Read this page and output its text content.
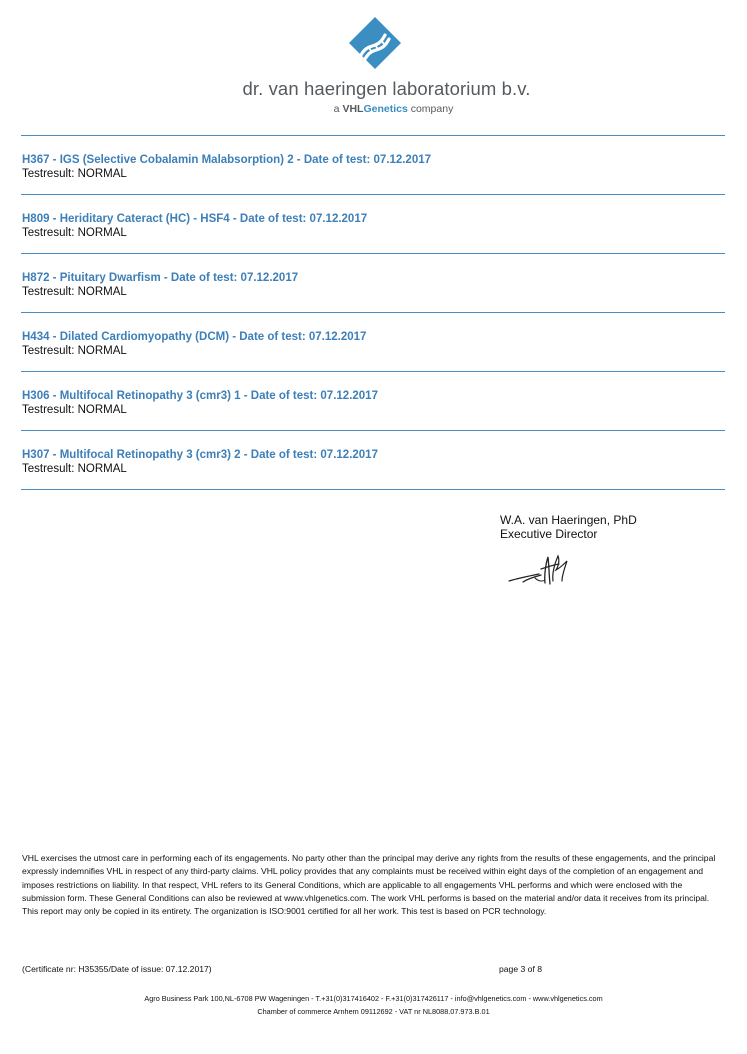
dr. van haeringen laboratorium b.v.
a VHLGenetics company
H367 - IGS (Selective Cobalamin Malabsorption) 2 - Date of test: 07.12.2017
Testresult: NORMAL
H809 - Heriditary Cateract (HC) - HSF4 - Date of test: 07.12.2017
Testresult: NORMAL
H872 - Pituitary Dwarfism - Date of test: 07.12.2017
Testresult: NORMAL
H434 - Dilated Cardiomyopathy (DCM) - Date of test: 07.12.2017
Testresult: NORMAL
H306 - Multifocal Retinopathy 3 (cmr3) 1 - Date of test: 07.12.2017
Testresult: NORMAL
H307 - Multifocal Retinopathy 3 (cmr3) 2 - Date of test: 07.12.2017
Testresult: NORMAL
W.A. van Haeringen, PhD
Executive Director

VHL exercises the utmost care in performing each of its engagements. No party other than the principal may derive any rights from the results of these engagements, and the principal expressly indemnifies VHL in respect of any third-party claims. VHL policy provides that any complaints must be received within eight days of the completion of an engagement and imposes restrictions on liability. In that respect, VHL refers to its General Conditions, which are applicable to all engagements VHL performs and which were enclosed with the submission form. These General Conditions can also be reviewed at www.vhlgenetics.com. The work VHL performs is based on the material and/or data it receives from its principal. This report may only be copied in its entirety. The organization is ISO:9001 certified for all her work. This test is based on PCR technology.

(Certificate nr: H35355/Date of issue: 07.12.2017)	page 3 of 8
Agro Business Park 100,NL-6708 PW Wageningen - T.+31(0)317416402 - F.+31(0)317426117 - info@vhlgenetics.com - www.vhlgenetics.com
Chamber of commerce Arnhem 09112692 - VAT nr NL8088.07.973.B.01
